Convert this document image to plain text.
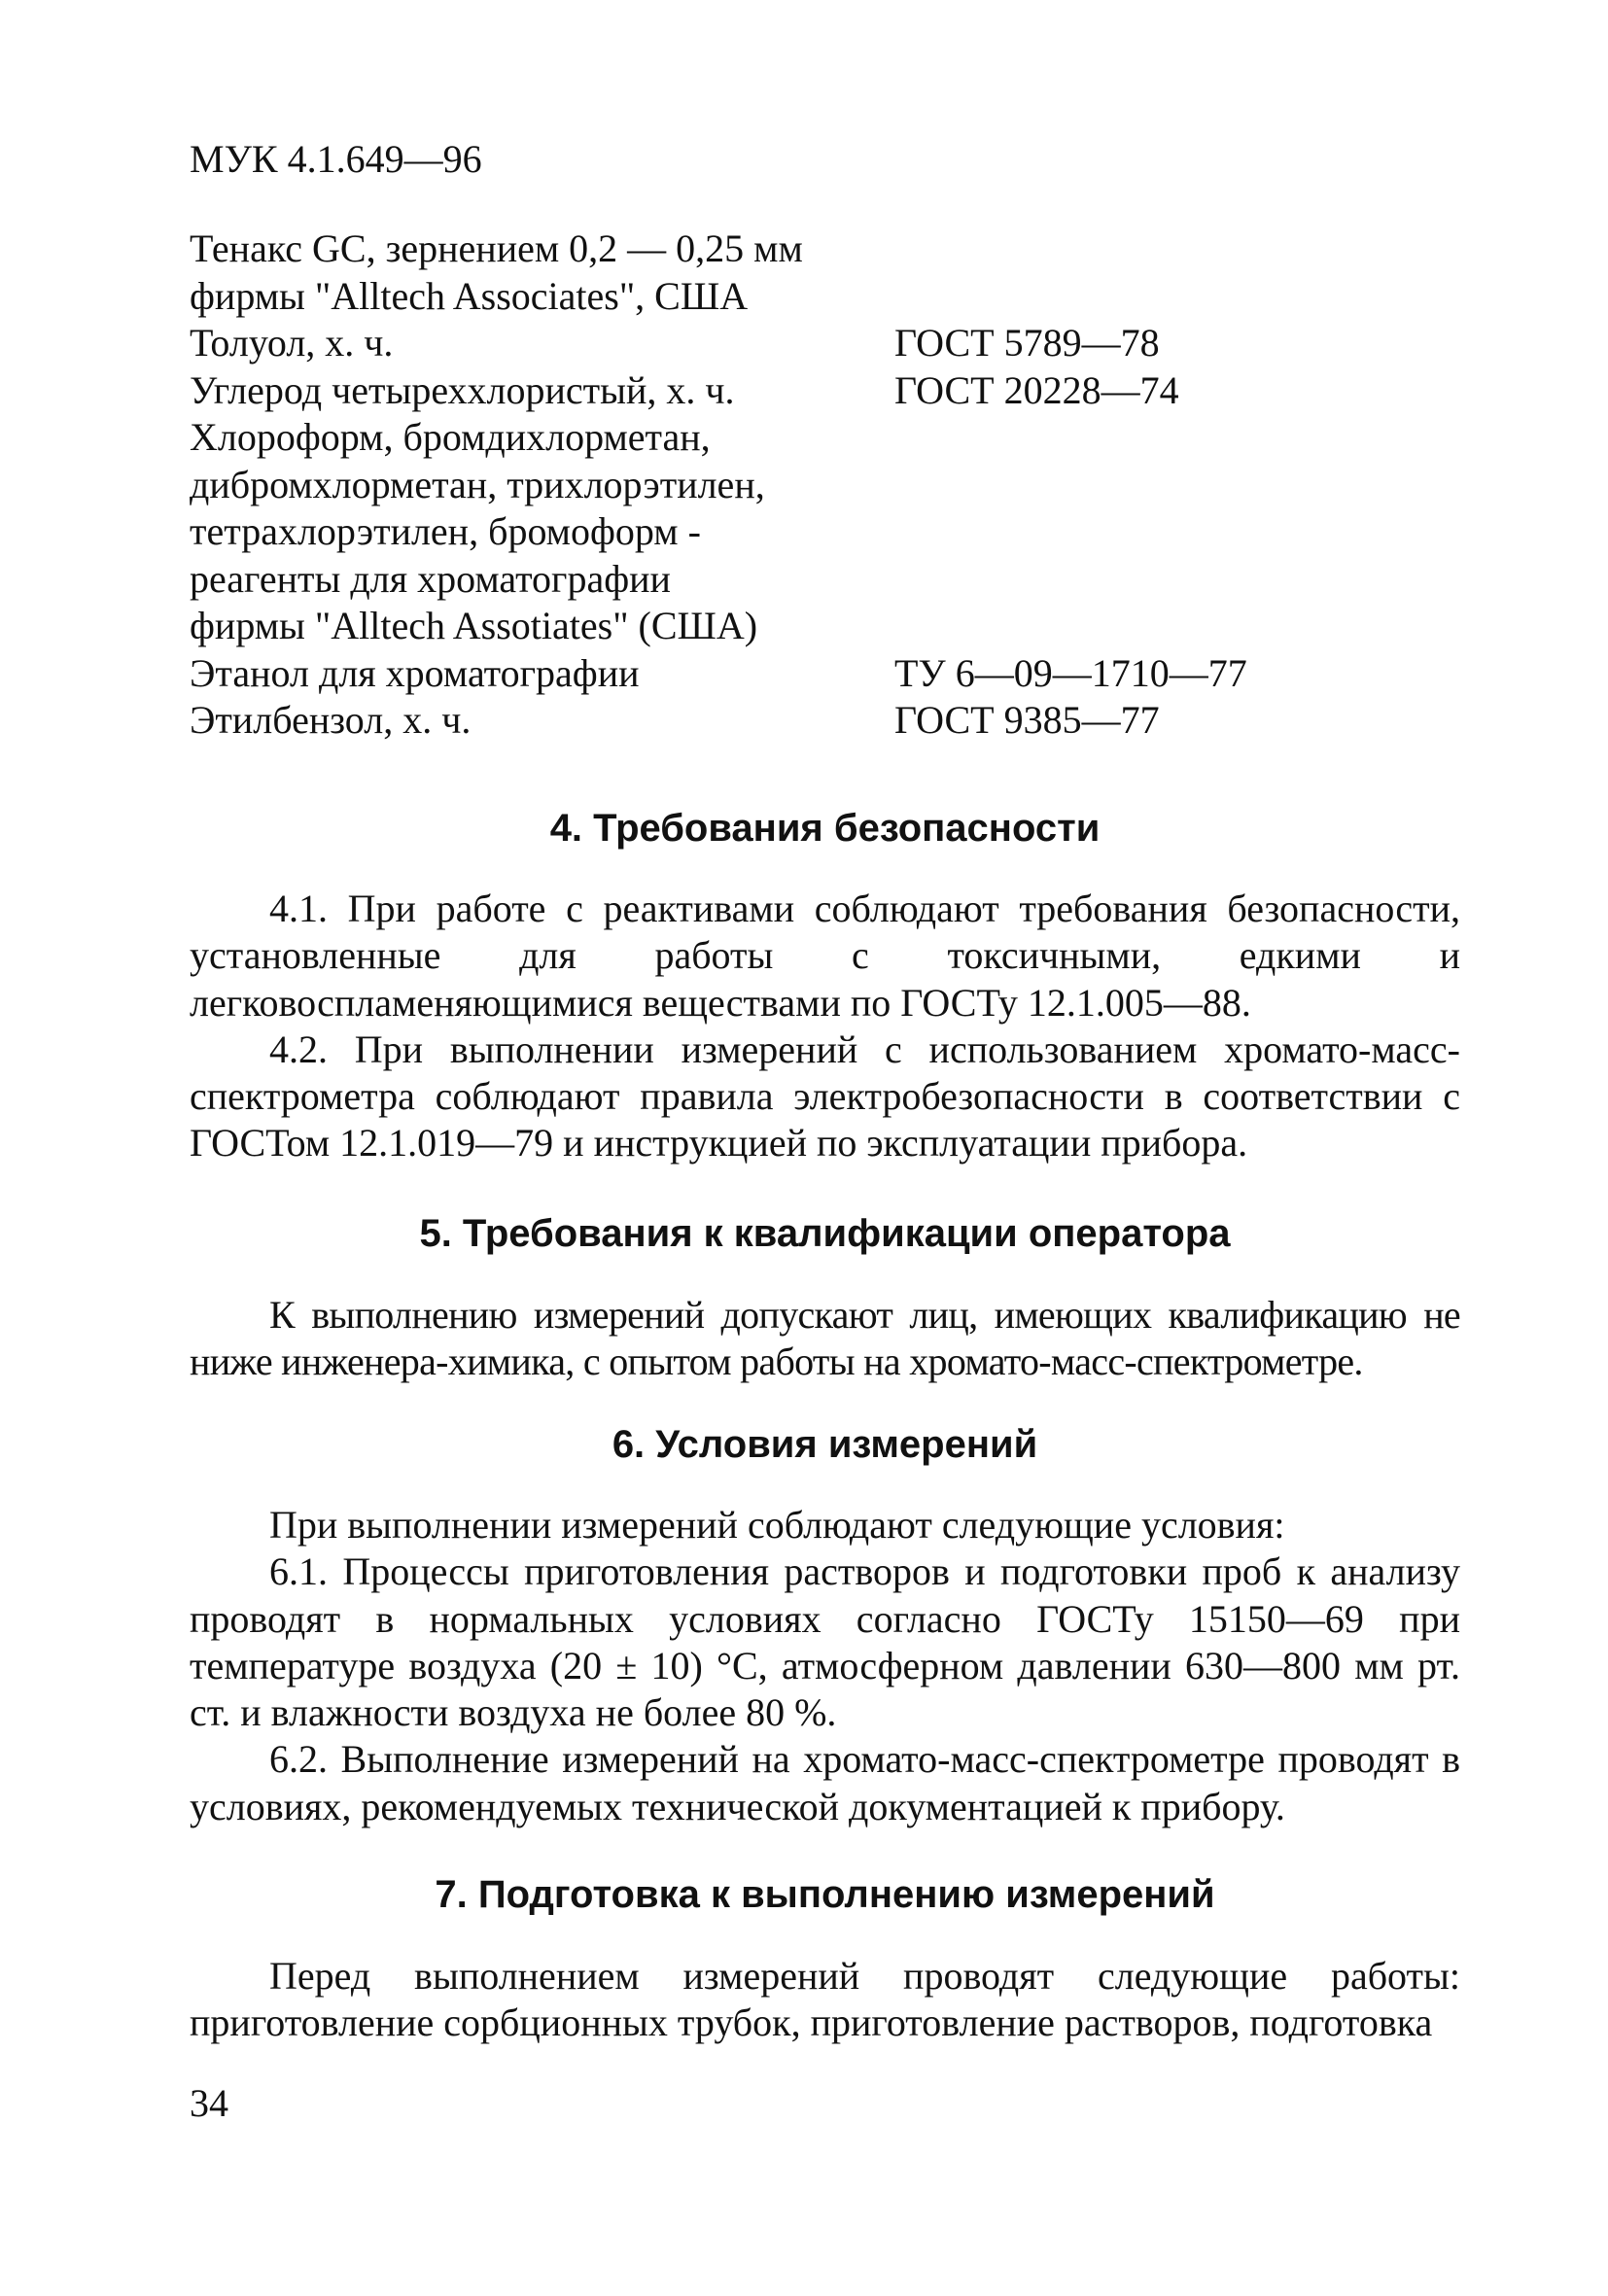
МУК 4.1.649—96
Тенакс GC, зернением 0,2 — 0,25 мм
фирмы "Alltech Associates", США
Толуол, х. ч.	ГОСТ 5789—78
Углерод четыреххлористый, х. ч.	ГОСТ 20228—74
Хлороформ, бромдихлорметан,
дибромхлорметан, трихлорэтилен,
тетрахлорэтилен, бромоформ -
реагенты для хроматографии
фирмы "Alltech Assotiates" (США)
Этанол для хроматографии	ТУ 6—09—1710—77
Этилбензол, х. ч.	ГОСТ 9385—77
4. Требования безопасности

4.1. При работе с реактивами соблюдают требования безопасности, установленные для работы с токсичными, едкими и легковоспламеняющимися веществами по ГОСТу 12.1.005—88.

4.2. При выполнении измерений с использованием хромато-масс-спектрометра соблюдают правила электробезопасности в соответствии с ГОСТом 12.1.019—79 и инструкцией по эксплуатации прибора.

5. Требования к квалификации оператора

К выполнению измерений допускают лиц, имеющих квалификацию не ниже инженера-химика, с опытом работы на хромато-масс-спектрометре.

6. Условия измерений

При выполнении измерений соблюдают следующие условия:

6.1. Процессы приготовления растворов и подготовки проб к анализу проводят в нормальных условиях согласно ГОСТу 15150—69 при температуре воздуха (20 ± 10) °С, атмосферном давлении 630—800 мм рт. ст. и влажности воздуха не более 80 %.

6.2. Выполнение измерений на хромато-масс-спектрометре проводят в условиях, рекомендуемых технической документацией к прибору.

7. Подготовка к выполнению измерений

Перед выполнением измерений проводят следующие работы: приготовление сорбционных трубок, приготовление растворов, подготовка

34
